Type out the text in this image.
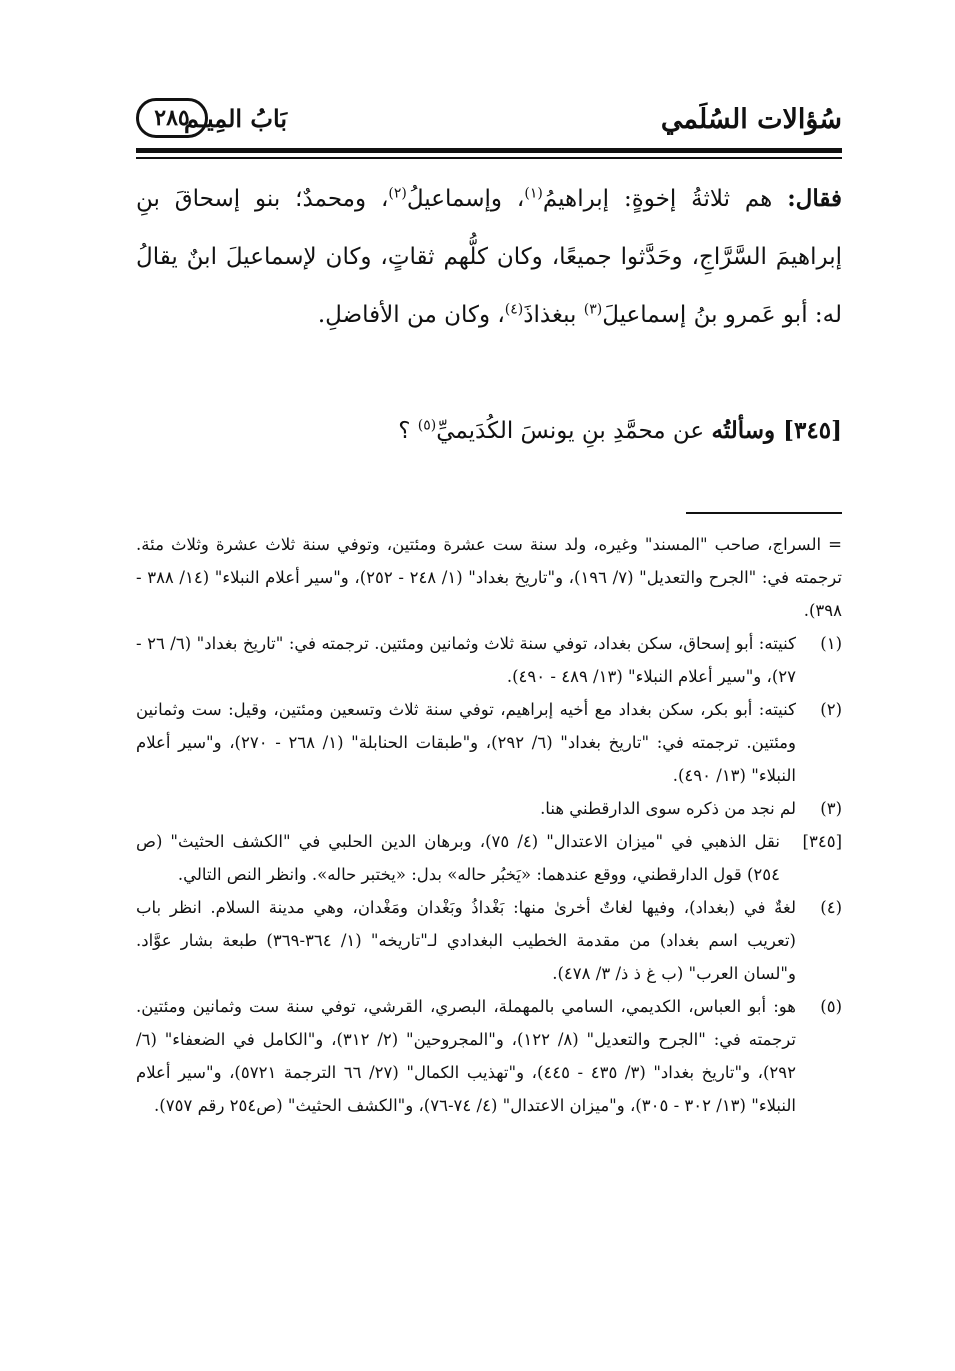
سُؤالات السُلَمي
بَابُ المِيـم
٢٨٥

فقال: هم ثلاثةُ إخوةٍ: إبراهيمُ$^{(١)}$، وإسماعيلُ$^{(٢)}$، ومحمدٌ؛ بنو إسحاقَ بنِ إبراهيمَ السَّرَّاجِ، وحَدَّثوا جميعًا، وكان كلُّهم ثقاتٍ، وكان لإسماعيلَ ابنٌ يقالُ له: أبو عَمرو بنُ إسماعيلَ$^{(٣)}$ ببغذاذَ$^{(٤)}$، وكان من الأفاضلِ.

[٣٤٥]وسألتُه عن محمَّدِ بنِ يونسَ الكُدَيميِّ$^{(٥)}$ ؟

= السراج، صاحب "المسند" وغيره، ولد سنة ست عشرة ومئتين، وتوفي سنة ثلاث عشرة وثلاث مئة. ترجمته في: "الجرح والتعديل" (٧/ ١٩٦)، و"تاريخ بغداد" (١/ ٢٤٨ - ٢٥٢)، و"سير أعلام النبلاء" (١٤/ ٣٨٨ - ٣٩٨).

(١)
كنيته: أبو إسحاق، سكن بغداد، توفي سنة ثلاث وثمانين ومئتين. ترجمته في: "تاريخ بغداد" (٦/ ٢٦ - ٢٧)، و"سير أعلام النبلاء" (١٣/ ٤٨٩ - ٤٩٠).
(٢)
كنيته: أبو بكر، سكن بغداد مع أخيه إبراهيم، توفي سنة ثلاث وتسعين ومئتين، وقيل: ست وثمانين ومئتين. ترجمته في: "تاريخ بغداد" (٦/ ٢٩٢)، و"طبقات الحنابلة" (١/ ٢٦٨ - ٢٧٠)، و"سير أعلام النبلاء" (١٣/ ٤٩٠).
(٣)
لم نجد من ذكره سوى الدارقطني هنا.
[٣٤٥]
نقل الذهبي في "ميزان الاعتدال" (٤/ ٧٥)، وبرهان الدين الحلبي في "الكشف الحثيث" (ص ٢٥٤) قول الدارقطني، ووقع عندهما: «يَخبُر حاله» بدل: «يختبر حاله». وانظر النص التالي.
(٤)
لغةٌ في (بغداد)، وفيها لغاتٌ أخرىٰ منها: بَغْداذُ وبَغْدان ومَغْدان، وهي مدينة السلام. انظر باب (تعريب اسم بغداد) من مقدمة الخطيب البغدادي لـ"تاريخه" (١/ ٣٦٤-٣٦٩) طبعة بشار عوَّاد. و"لسان العرب" (ب غ ذ ذ/ ٣/ ٤٧٨).
(٥)
هو: أبو العباس، الكديمي، السامي بالمهملة، البصري، القرشي، توفي سنة ست وثمانين ومئتين. ترجمته في: "الجرح والتعديل" (٨/ ١٢٢)، و"المجروحين" (٢/ ٣١٢)، و"الكامل في الضعفاء" (٦/ ٢٩٢)، و"تاريخ بغداد" (٣/ ٤٣٥ - ٤٤٥)، و"تهذيب الكمال" (٢٧/ ٦٦ الترجمة ٥٧٢١)، و"سير أعلام النبلاء" (١٣/ ٣٠٢ - ٣٠٥)، و"ميزان الاعتدال" (٤/ ٧٤-٧٦)، و"الكشف الحثيث" (ص٢٥٤ رقم ٧٥٧).
